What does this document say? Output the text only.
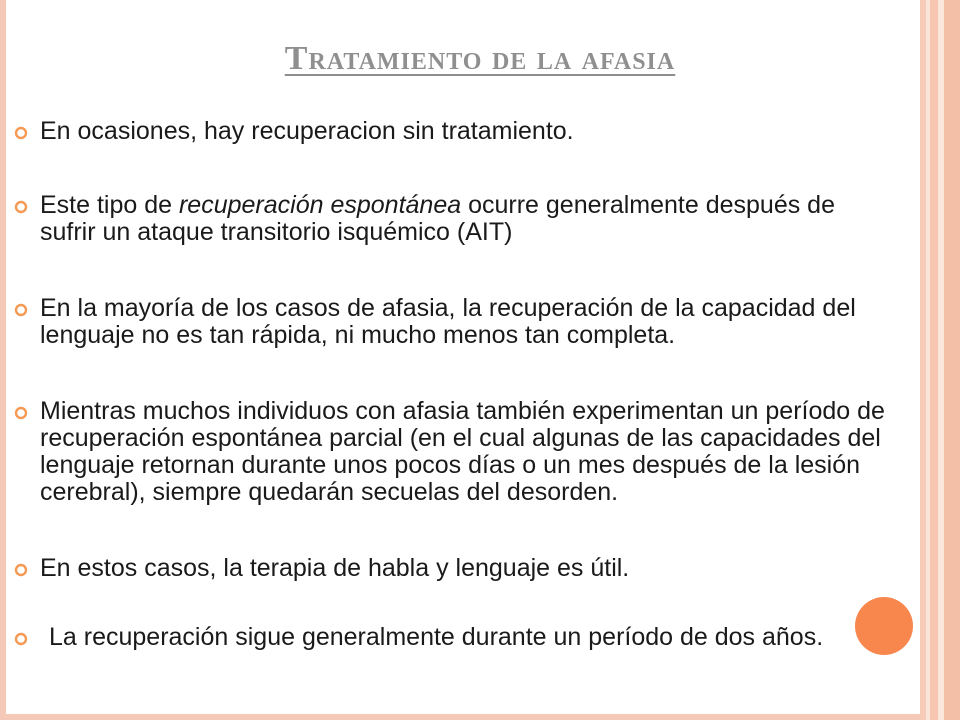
Tratamiento de la afasia
En ocasiones, hay recuperacion sin tratamiento.
Este tipo de recuperación espontánea ocurre generalmente después de sufrir un ataque transitorio isquémico (AIT)
En la mayoría de los casos de afasia, la recuperación de la capacidad del lenguaje no es tan rápida, ni mucho menos tan completa.
Mientras muchos individuos con afasia también experimentan un período de recuperación espontánea parcial (en el cual algunas de las capacidades del lenguaje retornan durante unos pocos días o un mes después de la lesión cerebral), siempre quedarán secuelas del desorden.
En estos casos, la terapia de habla y lenguaje es útil.
La recuperación sigue generalmente durante un período de dos años.
